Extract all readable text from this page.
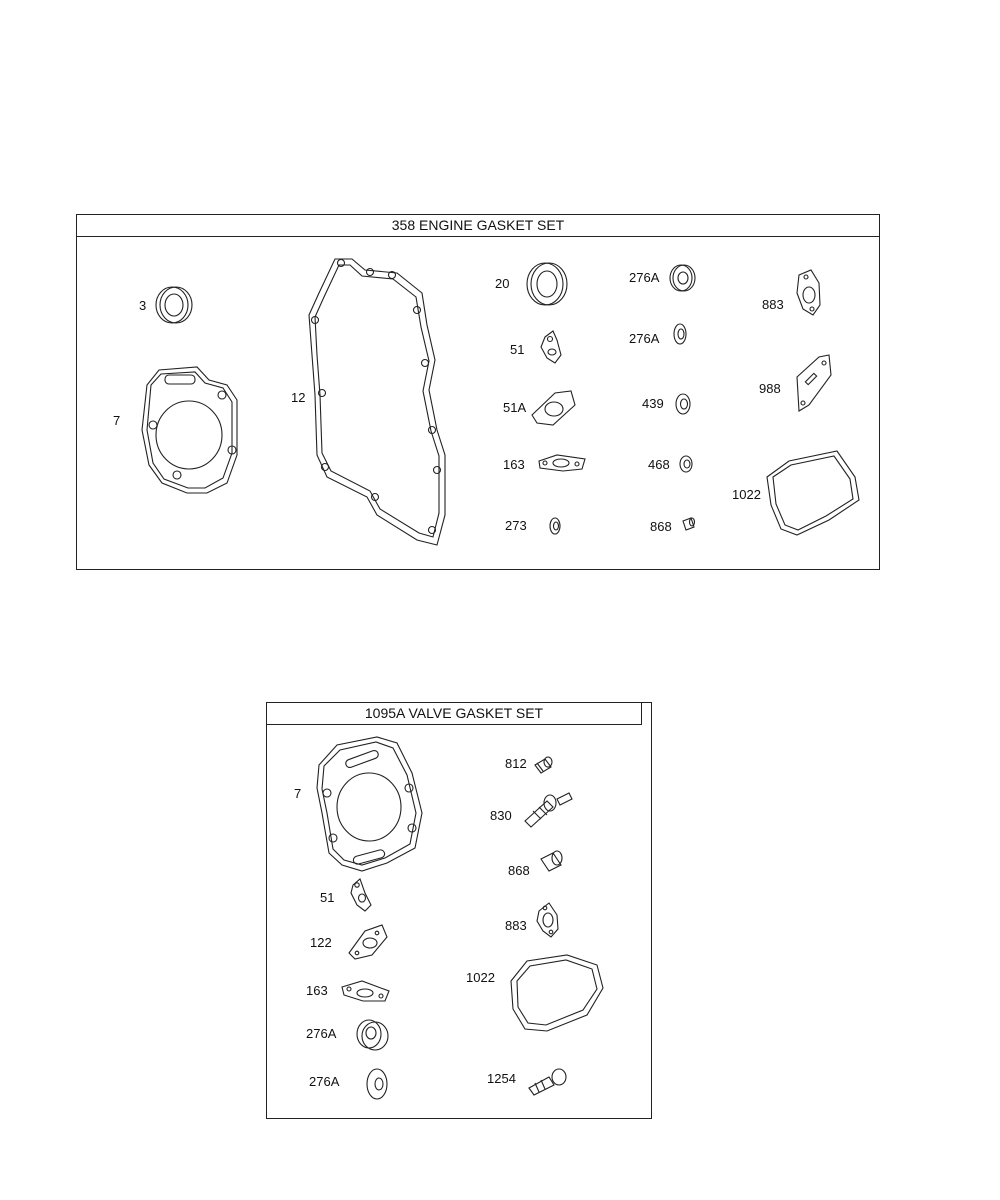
358 ENGINE GASKET SET
3
7
12
20
51
51A
163
273
276A
276A
439
468
868
883
988
1022
1095A VALVE GASKET SET
7
51
122
163
276A
276A
812
830
868
883
1022
1254
